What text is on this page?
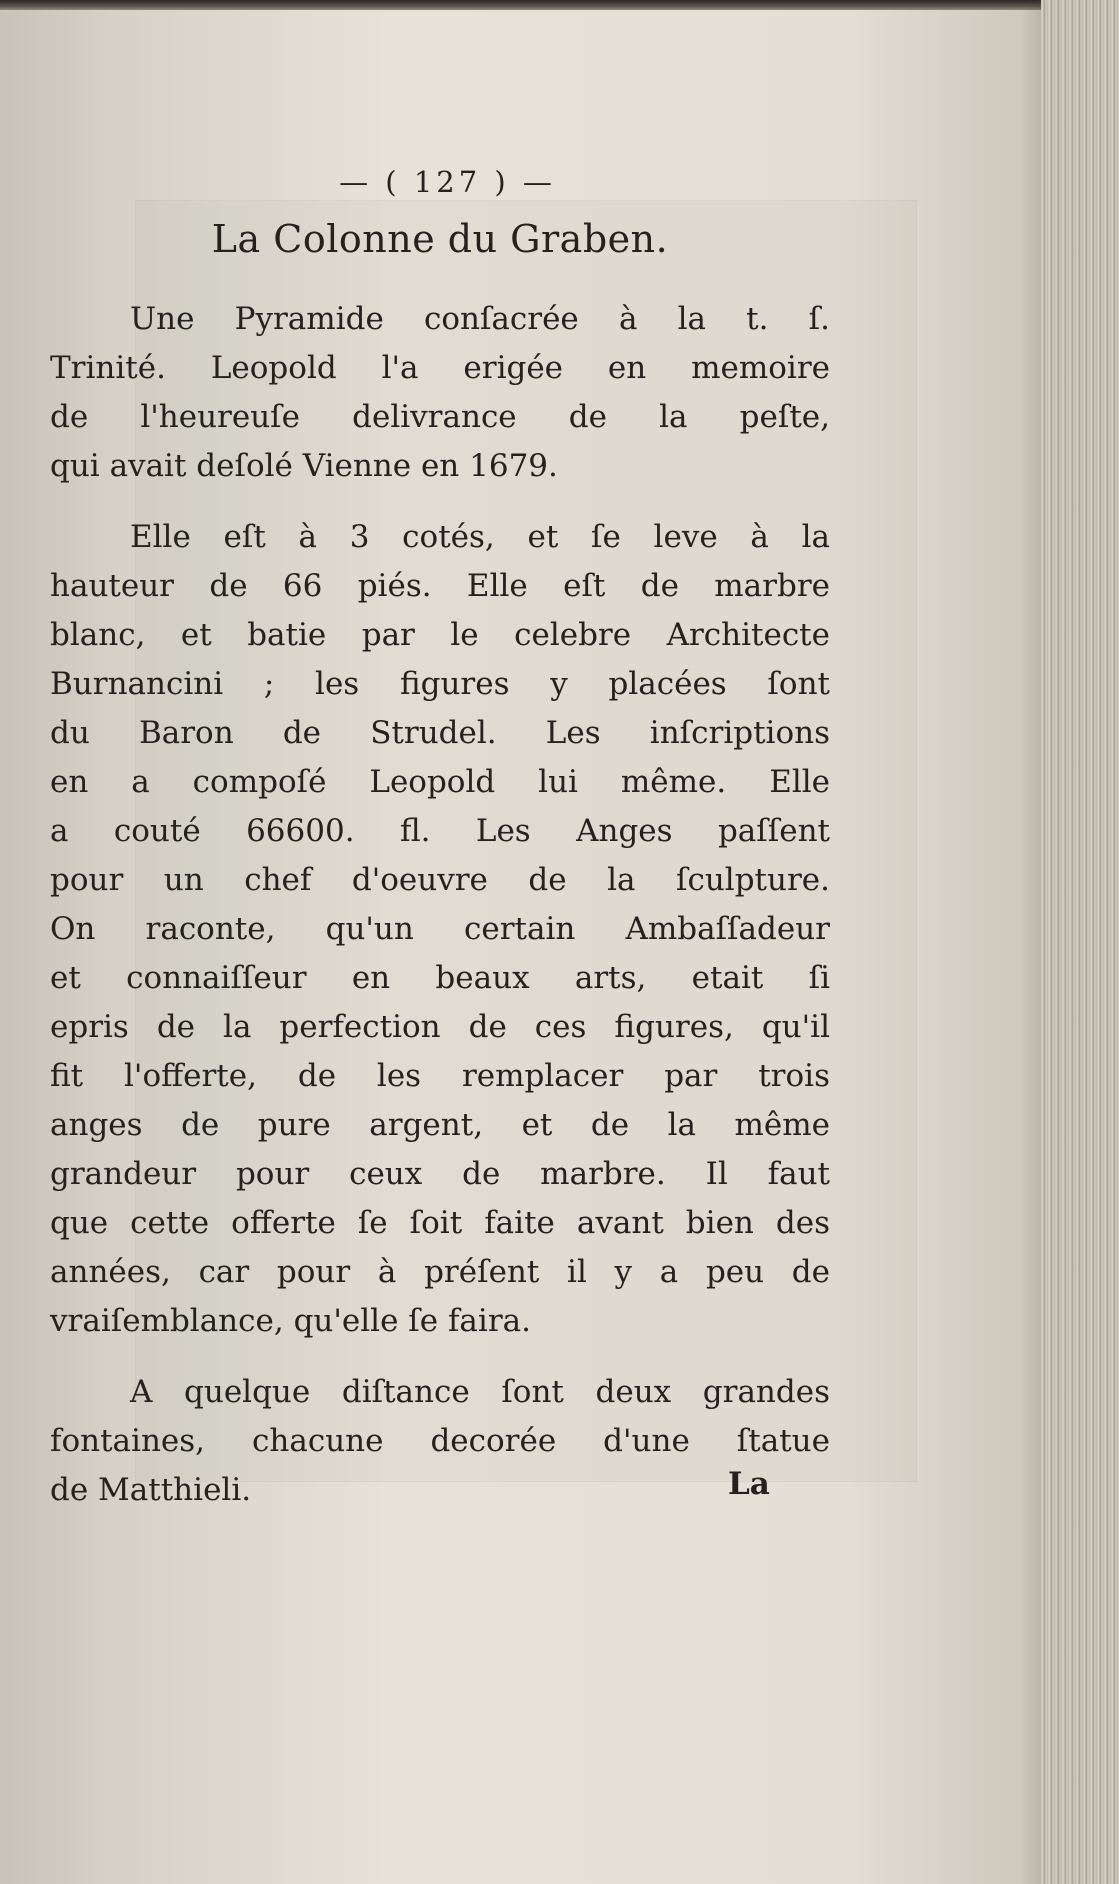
— ( 127 ) —
La Colonne du Graben.
Une Pyramide conſacrée à la t. ſ.
Trinité. Leopold l'a erigée en memoire
de l'heureuſe delivrance de la peſte,
qui avait deſolé Vienne en 1679.
Elle eſt à 3 cotés, et ſe leve à la
hauteur de 66 piés. Elle eſt de marbre
blanc, et batie par le celebre Architecte
Burnancini ; les figures y placées ſont
du Baron de Strudel. Les inſcriptions
en a compoſé Leopold lui même. Elle
a couté 66600. fl. Les Anges paſſent
pour un chef d'oeuvre de la ſculpture.
On raconte, qu'un certain Ambaſſadeur
et connaiſſeur en beaux arts, etait ſi
epris de la perfection de ces figures, qu'il
fit l'offerte, de les remplacer par trois
anges de pure argent, et de la même
grandeur pour ceux de marbre. Il faut
que cette offerte ſe ſoit faite avant bien des
années, car pour à préſent il y a peu de
vraiſemblance, qu'elle ſe faira.
A quelque diſtance ſont deux grandes
fontaines, chacune decorée d'une ſtatue
de Matthieli.	La
